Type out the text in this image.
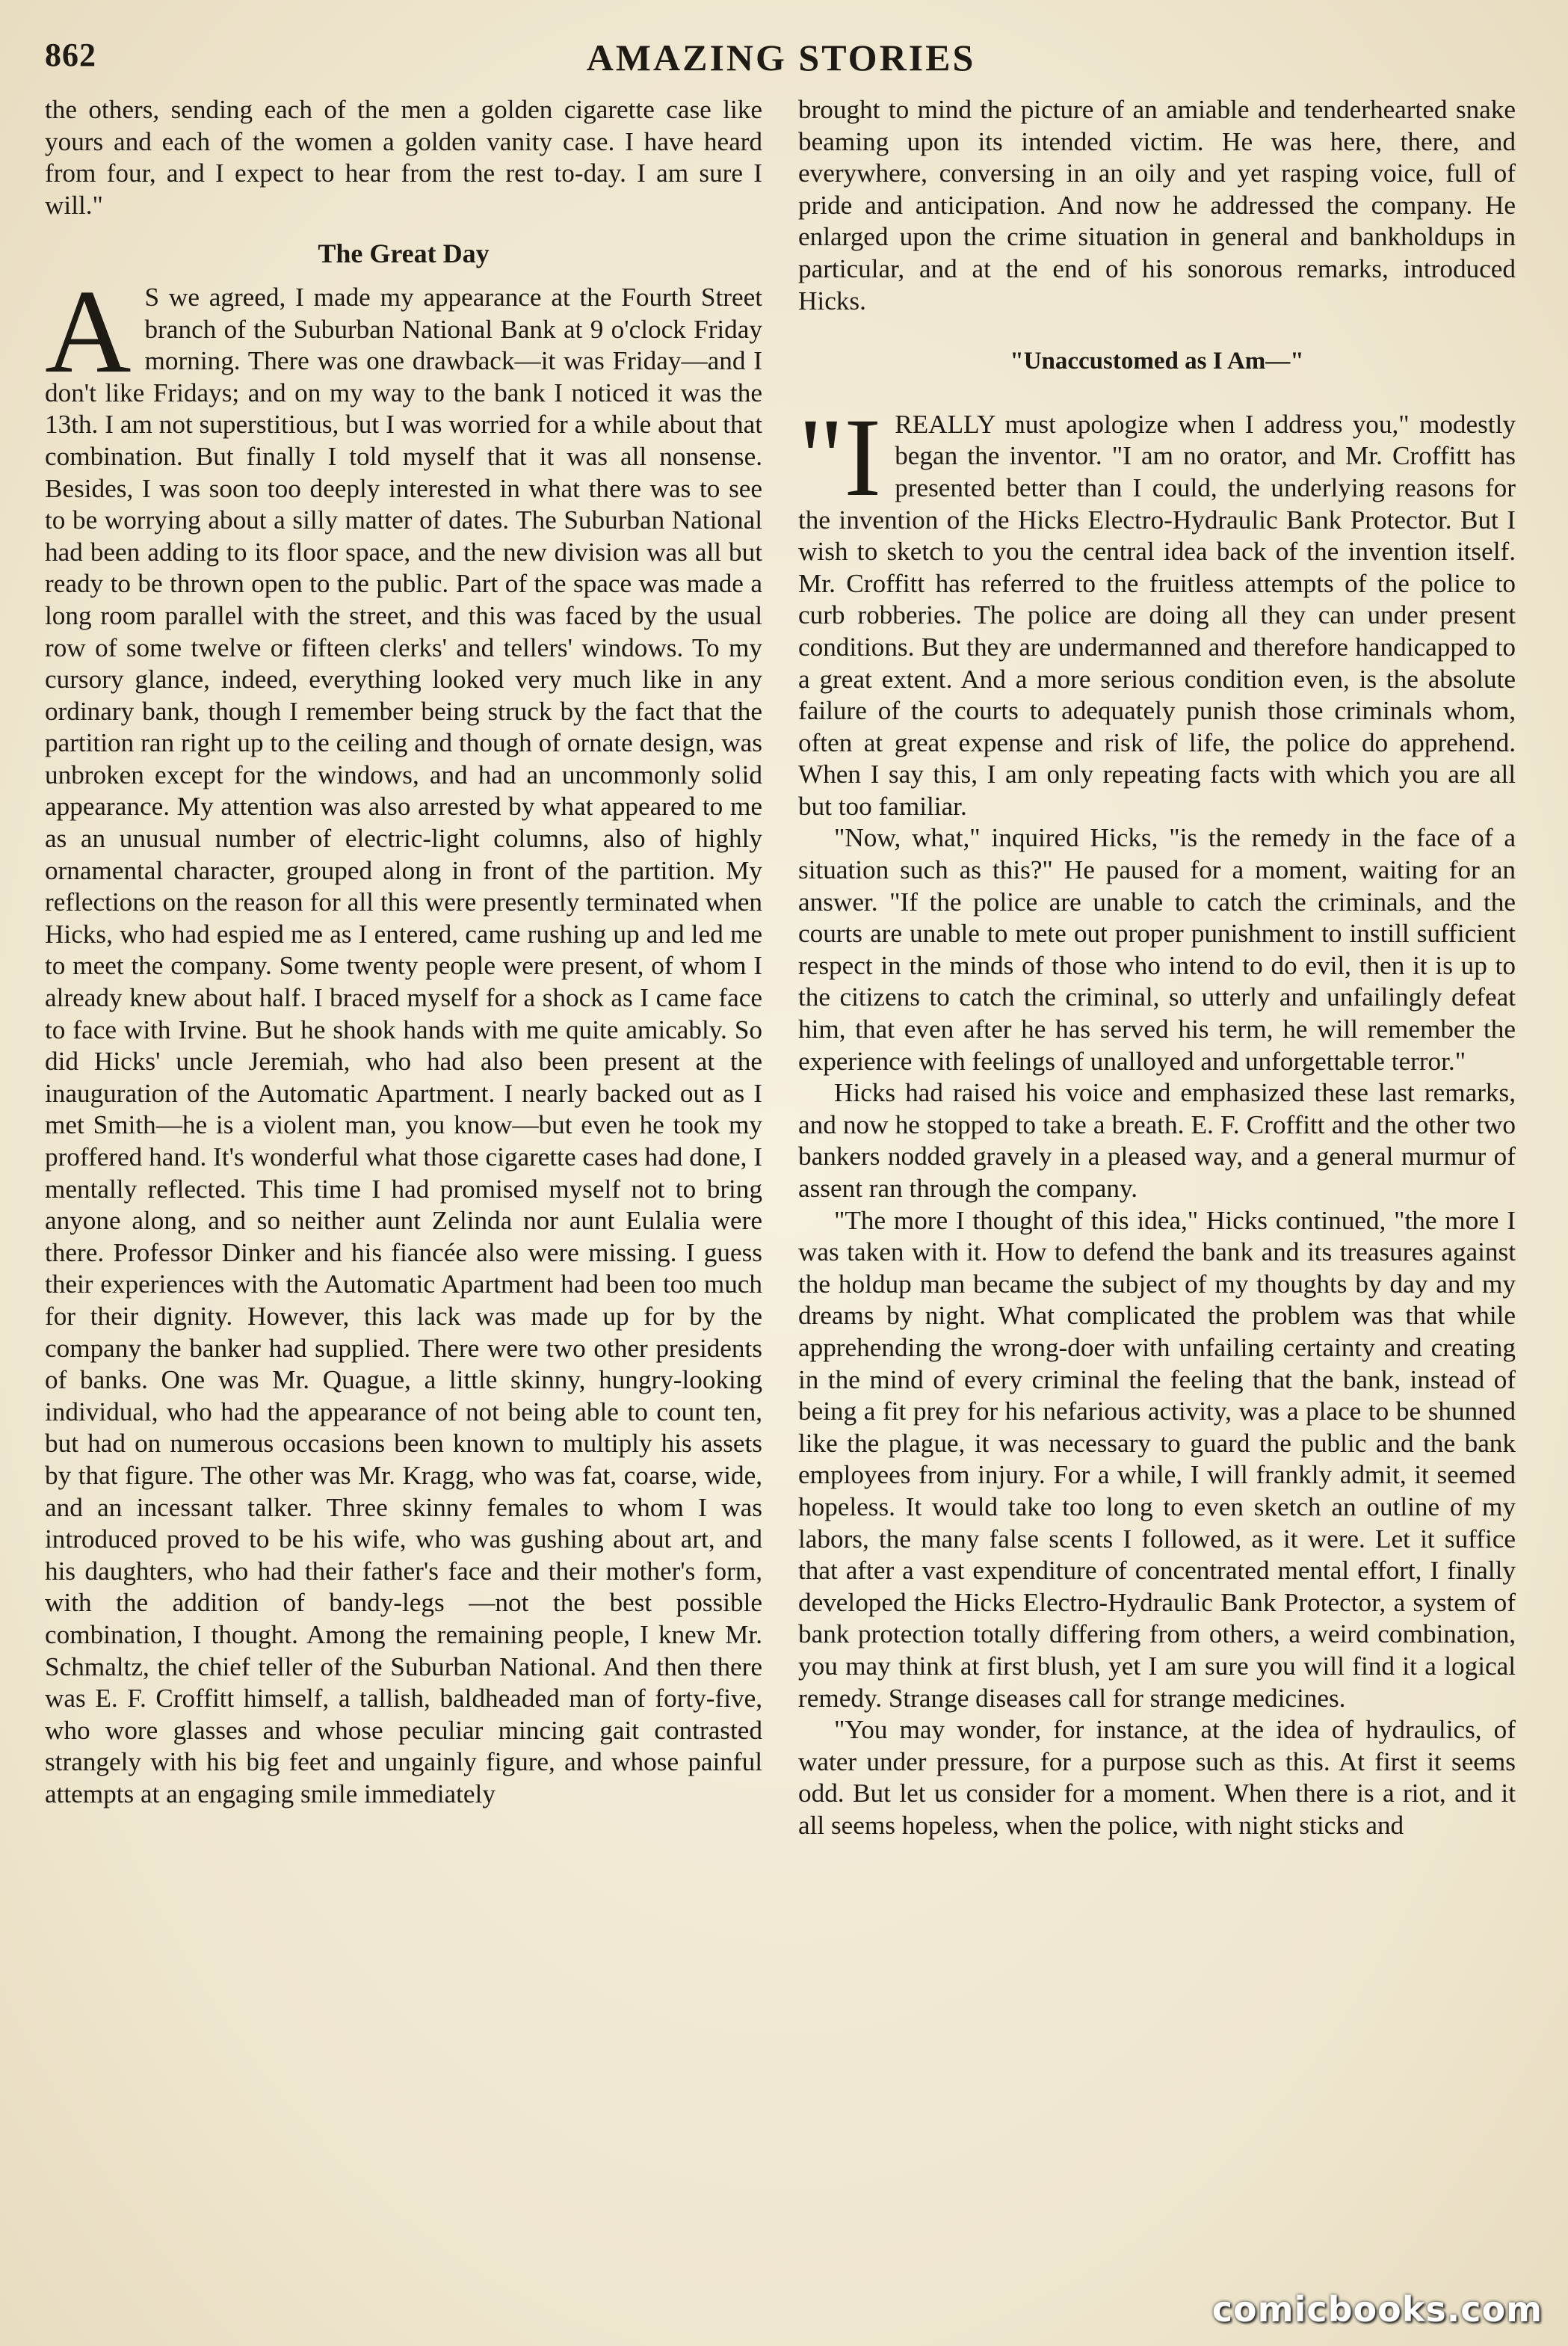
862	AMAZING STORIES

the others, sending each of the men a golden cigarette case like yours and each of the women a golden vanity case. I have heard from four, and I expect to hear from the rest to-day. I am sure I will."

The Great Day

A S we agreed, I made my appearance at the Fourth Street branch of the Suburban National Bank at 9 o'clock Friday morning. There was one drawback—it was Friday—and I don't like Fridays; and on my way to the bank I noticed it was the 13th. I am not superstitious, but I was worried for a while about that combination. But finally I told myself that it was all nonsense. Besides, I was soon too deeply interested in what there was to see to be worrying about a silly matter of dates. The Suburban National had been adding to its floor space, and the new division was all but ready to be thrown open to the public. Part of the space was made a long room parallel with the street, and this was faced by the usual row of some twelve or fifteen clerks' and tellers' windows. To my cursory glance, indeed, everything looked very much like in any ordinary bank, though I remember being struck by the fact that the partition ran right up to the ceiling and though of ornate design, was unbroken except for the windows, and had an uncommonly solid appearance. My attention was also arrested by what appeared to me as an unusual number of electric-light columns, also of highly ornamental character, grouped along in front of the partition. My reflections on the reason for all this were presently terminated when Hicks, who had espied me as I entered, came rushing up and led me to meet the company. Some twenty people were present, of whom I already knew about half. I braced myself for a shock as I came face to face with Irvine. But he shook hands with me quite amicably. So did Hicks' uncle Jeremiah, who had also been present at the inauguration of the Automatic Apartment. I nearly backed out as I met Smith—he is a violent man, you know—but even he took my proffered hand. It's wonderful what those cigarette cases had done, I mentally reflected. This time I had promised myself not to bring anyone along, and so neither aunt Zelinda nor aunt Eulalia were there. Professor Dinker and his fiancée also were missing. I guess their experiences with the Automatic Apartment had been too much for their dignity. However, this lack was made up for by the company the banker had supplied. There were two other presidents of banks. One was Mr. Quague, a little skinny, hungry-looking individual, who had the appearance of not being able to count ten, but had on numerous occasions been known to multiply his assets by that figure. The other was Mr. Kragg, who was fat, coarse, wide, and an incessant talker. Three skinny females to whom I was introduced proved to be his wife, who was gushing about art, and his daughters, who had their father's face and their mother's form, with the addition of bandy-legs —not the best possible combination, I thought. Among the remaining people, I knew Mr. Schmaltz, the chief teller of the Suburban National. And then there was E. F. Croffitt himself, a tallish, baldheaded man of forty-five, who wore glasses and whose peculiar mincing gait contrasted strangely with his big feet and ungainly figure, and whose painful attempts at an engaging smile immediately

brought to mind the picture of an amiable and tenderhearted snake beaming upon its intended victim. He was here, there, and everywhere, conversing in an oily and yet rasping voice, full of pride and anticipation. And now he addressed the company. He enlarged upon the crime situation in general and bankholdups in particular, and at the end of his sonorous remarks, introduced Hicks.

"Unaccustomed as I Am—"

"IREALLY must apologize when I address you," modestly began the inventor. "I am no orator, and Mr. Croffitt has presented better than I could, the underlying reasons for the invention of the Hicks Electro-Hydraulic Bank Protector. But I wish to sketch to you the central idea back of the invention itself. Mr. Croffitt has referred to the fruitless attempts of the police to curb robberies. The police are doing all they can under present conditions. But they are undermanned and therefore handicapped to a great extent. And a more serious condition even, is the absolute failure of the courts to adequately punish those criminals whom, often at great expense and risk of life, the police do apprehend. When I say this, I am only repeating facts with which you are all but too familiar.

"Now, what," inquired Hicks, "is the remedy in the face of a situation such as this?" He paused for a moment, waiting for an answer. "If the police are unable to catch the criminals, and the courts are unable to mete out proper punishment to instill sufficient respect in the minds of those who intend to do evil, then it is up to the citizens to catch the criminal, so utterly and unfailingly defeat him, that even after he has served his term, he will remember the experience with feelings of unalloyed and unforgettable terror."

Hicks had raised his voice and emphasized these last remarks, and now he stopped to take a breath. E. F. Croffitt and the other two bankers nodded gravely in a pleased way, and a general murmur of assent ran through the company.

"The more I thought of this idea," Hicks continued, "the more I was taken with it. How to defend the bank and its treasures against the holdup man became the subject of my thoughts by day and my dreams by night. What complicated the problem was that while apprehending the wrong-doer with unfailing certainty and creating in the mind of every criminal the feeling that the bank, instead of being a fit prey for his nefarious activity, was a place to be shunned like the plague, it was necessary to guard the public and the bank employees from injury. For a while, I will frankly admit, it seemed hopeless. It would take too long to even sketch an outline of my labors, the many false scents I followed, as it were. Let it suffice that after a vast expenditure of concentrated mental effort, I finally developed the Hicks Electro-Hydraulic Bank Protector, a system of bank protection totally differing from others, a weird combination, you may think at first blush, yet I am sure you will find it a logical remedy. Strange diseases call for strange medicines.

"You may wonder, for instance, at the idea of hydraulics, of water under pressure, for a purpose such as this. At first it seems odd. But let us consider for a moment. When there is a riot, and it all seems hopeless, when the police, with night sticks and

comicbooks.com
